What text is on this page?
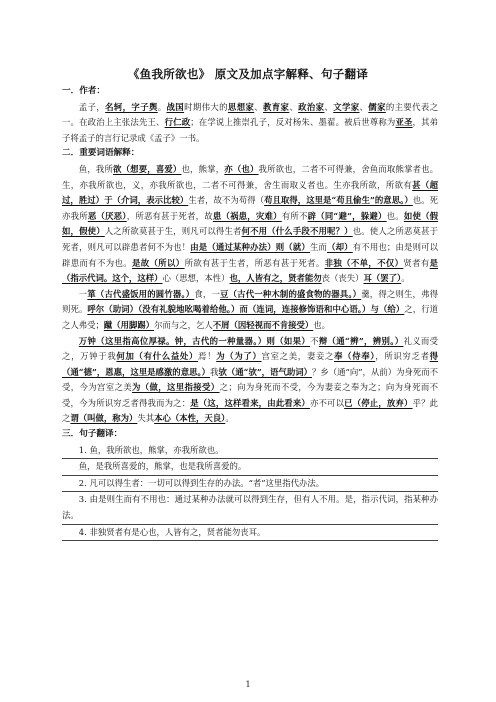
《鱼我所欲也》 原文及加点字解释、句子翻译
一．作者：
孟子，名轲，字子舆。战国时期伟大的思想家、教育家、政治家、文学家、儒家的主要代表之一。在政治上主张法先王、行仁政；在学说上推崇孔子，反对杨朱、墨翟。被后世尊称为亚圣，其弟子将孟子的言行记录成《孟子》一书。
二．重要词语解释：
鱼，我所欲（想要，喜爱）也，熊掌，亦（也）我所欲也，二者不可得兼，舍鱼而取熊掌者也。生，亦我所欲也，义，亦我所欲也，二者不可得兼，舍生而取义者也。生亦我所欲，所欲有甚（超过，胜过）于（介词，表示比较）生者，故不为苟得（苟且取得，这里是“苟且偷生”的意思。）也。死亦我所恶（厌恶），所恶有甚于死者，故患（祸患，灾难）有所不辟（同“避”，躲避）也。如使（假如，假使）人之所欲莫甚于生，则凡可以得生者何不用（什么手段不用呢？）也。使人之所恶莫甚于死者，则凡可以辟患者何不为也！由是（通过某种办法）则（就）生而（却）有不用也；由是则可以辟患而有不为也。是故（所以）所欲有甚于生者，所恶有甚于死者。非独（不单，不仅）贤者有是（指示代词。这个，这样）心（思想，本性）也，人皆有之，贤者能勿丧（丧失）耳（罢了）。
一箪（古代盛饭用的圆竹器。）食，一豆（古代一种木制的盛食物的器具。）羹，得之则生，弗得则死。呼尔（助词）（没有礼貌地吆喝着给他。）而（连词，连接修饰语和中心语。）与（给）之，行道之人弗受；蹴（用脚踢）尔而与之，乞人不屑（因轻视而不肯接受）也。
万钟（这里指高位厚禄。钟，古代的一种量器。）则（如果）不辩（通“辨”，辨别。）礼义而受之，万钟于我何加（有什么益处）焉！为（为了）宫室之美，妻妾之奉（侍奉），所识穷乏者得（通“德”，恩惠，这里是感激的意思。）我欤（通“欤”，语气助词）？乡（通“向”，从前）为身死而不受，今为宫室之美为（做，这里指接受）之；向为身死而不受，今为妻妾之奉为之；向为身死而不受，今为所识穷乏者得我而为之：是（这，这样看来，由此看来）亦不可以已（停止，放弃）乎？此之谓（叫做，称为）失其本心（本性，天良）。
三．句子翻译：
1. 鱼，我所欲也，熊掌，亦我所欲也。
鱼，是我所喜爱的，熊掌，也是我所喜爱的。
2. 凡可以得生者：一切可以得到生存的办法。“者”这里指代办法。
3. 由是则生而有不用也：通过某种办法就可以得到生存，但有人不用。是，指示代词，指某种办法。
4. 非独贤者有是心也，人皆有之，贤者能勿丧耳。
1
